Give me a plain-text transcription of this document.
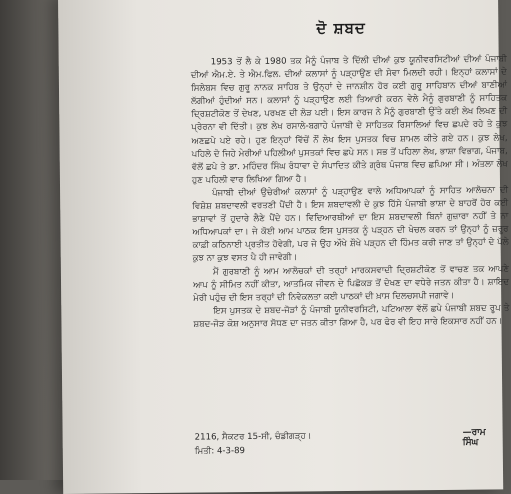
ਦੋ ਸ਼ਬਦ

1953 ਤੋਂ ਲੈ ਕੇ 1980 ਤਕ ਮੈਨੂੰ ਪੰਜਾਬ ਤੇ ਦਿੱਲੀ ਦੀਆਂ ਕੁਝ ਯੂਨੀਵਰਸਿਟੀਆਂ ਦੀਆਂ ਪੰਜਾਬੀ ਦੀਆਂ ਐਮ.ਏ. ਤੇ ਐਮ.ਫਿਲ. ਦੀਆਂ ਕਲਾਸਾਂ ਨੂੰ ਪੜ੍ਹਾਉਣ ਦੀ ਸੇਵਾ ਮਿਲਦੀ ਰਹੀ। ਇਨ੍ਹਾਂ ਕਲਾਸਾਂ ਦੇ ਸਿਲੇਬਸ ਵਿਚ ਗੁਰੂ ਨਾਨਕ ਸਾਹਿਬ ਤੇ ਉਨ੍ਹਾਂ ਦੇ ਜਾਨਸ਼ੀਨ ਹੋਰ ਕਈ ਗੁਰੂ ਸਾਹਿਬਾਨ ਦੀਆਂ ਬਾਣੀਆਂ ਲੱਗੀਆਂ ਹੁੰਦੀਆਂ ਸਨ। ਕਲਾਸਾਂ ਨੂੰ ਪੜ੍ਹਾਉਣ ਲਈ ਤਿਆਰੀ ਕਰਨ ਵੇਲੇ ਮੈਨੂੰ ਗੁਰਬਾਣੀ ਨੂੰ ਸਾਹਿਤਕ ਦ੍ਰਿਸ਼ਟੀਕੋਣ ਤੋਂ ਦੇਖਣ, ਪਰਖਣ ਦੀ ਲੋੜ ਪਈ। ਇਸ ਕਾਰਜ ਨੇ ਮੈਨੂੰ ਗੁਰਬਾਣੀ ਉੱਤੇ ਕਈ ਲੇਖ ਲਿਖਣ ਦੀ ਪ੍ਰੇਰਨਾ ਵੀ ਦਿੱਤੀ। ਕੁਝ ਲੇਖ ਰਸਾਲੇ-ਬਗਾਹੇ ਪੰਜਾਬੀ ਦੇ ਸਾਹਿਤਕ ਰਿਸਾਲਿਆਂ ਵਿਚ ਛਪਦੇ ਰਹੇ ਤੇ ਕੁਝ ਅਣਛਪੇ ਪਏ ਰਹੇ। ਹੁਣ ਇਨ੍ਹਾਂ ਵਿੱਚੋਂ ਨੌਂ ਲੇਖ ਇਸ ਪੁਸਤਕ ਵਿਚ ਸ਼ਾਮਲ ਕੀਤੇ ਗਏ ਹਨ। ਕੁਝ ਲੇਖ, ਪਹਿਲੇ ਦੋ ਜਿਹੇ ਮੇਰੀਆਂ ਪਹਿਲੀਆਂ ਪੁਸਤਕਾਂ ਵਿਚ ਛਪੇ ਸਨ। ਸਭ ਤੋਂ ਪਹਿਲਾ ਲੇਖ, ਭਾਸ਼ਾ ਵਿਭਾਗ, ਪੰਜਾਬ, ਵੱਲੋਂ ਛਪੇ ਤੇ ਡਾ. ਮਹਿੰਦਰ ਸਿੰਘ ਰੰਧਾਵਾ ਦੇ ਸੰਪਾਦਿਤ ਕੀਤੇ ਗ੍ਰੰਥ ਪੰਜਾਬ ਵਿਚ ਛਪਿਆ ਸੀ। ਅੰਤਲਾ ਲੇਖ ਹੁਣ ਪਹਿਲੀ ਵਾਰ ਲਿਖਿਆ ਗਿਆ ਹੈ।

ਪੰਜਾਬੀ ਦੀਆਂ ਉਚੇਰੀਆਂ ਕਲਾਸਾਂ ਨੂੰ ਪੜ੍ਹਾਉਣ ਵਾਲੇ ਅਧਿਆਪਕਾਂ ਨੂੰ ਸਾਹਿਤ ਆਲੋਚਨਾ ਦੀ ਵਿਸ਼ੇਸ਼ ਸ਼ਬਦਾਵਲੀ ਵਰਤਣੀ ਪੈਂਦੀ ਹੈ। ਇਸ ਸ਼ਬਦਾਵਲੀ ਦੇ ਕੁਝ ਹਿੱਸੇ ਪੰਜਾਬੀ ਭਾਸ਼ਾ ਦੇ ਬਾਹਰੋਂ ਹੋਰ ਕਈ ਭਾਸ਼ਾਵਾਂ ਤੋਂ ਹੁਦਾਰੇ ਲੈਣੇ ਪੈਂਦੇ ਹਨ। ਵਿਦਿਆਰਥੀਆਂ ਦਾ ਇਸ ਸ਼ਬਦਾਵਲੀ ਬਿਨਾਂ ਗੁਜ਼ਾਰਾ ਨਹੀਂ ਤੇ ਨਾ ਅਧਿਆਪਕਾਂ ਦਾ। ਜੇ ਕੋਈ ਆਮ ਪਾਠਕ ਇਸ ਪੁਸਤਕ ਨੂੰ ਪੜ੍ਹਨ ਦੀ ਖੇਚਲ ਕਰਨ ਤਾਂ ਉਨ੍ਹਾਂ ਨੂੰ ਜ਼ਰੂਰ ਕਾਫ਼ੀ ਕਠਿਨਾਈ ਪ੍ਰਤੀਤ ਹੋਵੇਗੀ, ਪਰ ਜੇ ਉਹ ਔਖੇ ਸ਼ੌਖੇ ਪੜ੍ਹਨ ਦੀ ਹਿੰਮਤ ਕਰੀ ਜਾਣ ਤਾਂ ਉਨ੍ਹਾਂ ਦੇ ਪੱਲੇ ਕੁਝ ਨਾ ਕੁਝ ਵਸਤ ਪੈ ਹੀ ਜਾਵੇਗੀ।

ਮੈਂ ਗੁਰਬਾਣੀ ਨੂੰ ਆਮ ਆਲੋਚਕਾਂ ਦੀ ਤਰ੍ਹਾਂ ਮਾਰਕਸਵਾਦੀ ਦ੍ਰਿਸ਼ਟੀਕੋਣ ਤੋਂ ਵਾਚਣ ਤਕ ਆਪਣੇ ਆਪ ਨੂੰ ਸੀਮਿਤ ਨਹੀਂ ਕੀਤਾ, ਆਤਮਿਕ ਜੀਵਨ ਦੇ ਪਿਛੋਕੜ ਤੋਂ ਦੇਖਣ ਦਾ ਵਧੇਰੇ ਜਤਨ ਕੀਤਾ ਹੈ। ਸ਼ਾਇਦ ਮੇਰੀ ਪਹੁੰਚ ਦੀ ਇਸ ਤਰ੍ਹਾਂ ਦੀ ਨਿਵੇਕਲਤਾ ਕਈ ਪਾਠਕਾਂ ਦੀ ਖ਼ਾਸ ਦਿਲਚਸਪੀ ਜਗਾਵੇ।

ਇਸ ਪੁਸਤਕ ਦੇ ਸ਼ਬਦ-ਜੋੜਾਂ ਨੂੰ ਪੰਜਾਬੀ ਯੂਨੀਵਰਸਿਟੀ, ਪਟਿਆਲਾ ਵੱਲੋਂ ਛਪੇ ਪੰਜਾਬੀ ਸ਼ਬਦ ਰੂਪ ਤੇ ਸ਼ਬਦ-ਜੋੜ ਕੋਸ਼ ਅਨੁਸਾਰ ਸੋਧਣ ਦਾ ਜਤਨ ਕੀਤਾ ਗਿਆ ਹੈ, ਪਰ ਫੇਰ ਵੀ ਇਹ ਸਾਰੇ ਇਕਸਾਰ ਨਹੀਂ ਹਨ।

2116, ਸੈਕਟਰ 15-ਸੀ, ਚੰਡੀਗੜ੍ਹ।
ਮਿਤੀ: 4-3-89
—ਰਾਮ ਸਿੰਘ
